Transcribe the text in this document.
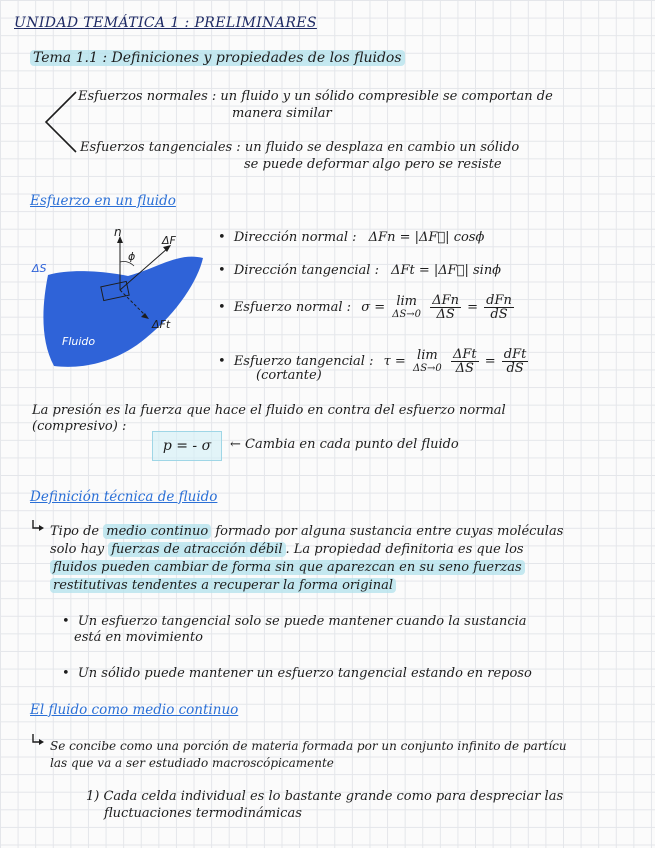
UNIDAD TEMÁTICA 1 : PRELIMINARES
Tema 1.1 : Definiciones y propiedades de los fluidos
Esfuerzos normales : un fluido y un sólido compresible se comportan de
manera similar
Esfuerzos tangenciales : un fluido se desplaza en cambio un sólido
se puede deformar algo pero se resiste
Esfuerzo en un fluido
n
ϕ
ΔF
ΔS
ΔFt
Fluido
• Dirección normal : ΔFn = |ΔF⃗| cosϕ
• Dirección tangencial : ΔFt = |ΔF⃗| sinϕ
• Esfuerzo normal : σ = lim
ΔS→0
$\frac{\text{ΔFn}}{\Delta S} = \frac{\text{dFn}}{dS}$
• Esfuerzo tangencial : τ = lim
ΔS→0
$\frac{\text{ΔFt}}{\Delta S} = \frac{\text{dFt}}{dS}$
(cortante)
La presión es la fuerza que hace el fluido en contra del esfuerzo normal
(compresivo) :
p = - σ	← Cambia en cada punto del fluido
Definición técnica de fluido
Tipo de medio continuo formado por alguna sustancia entre cuyas moléculas
solo hay fuerzas de atracción débil . La propiedad definitoria es que los
fluidos pueden cambiar de forma sin que aparezcan en su seno fuerzas
restitutivas tendentes a recuperar la forma original
• Un esfuerzo tangencial solo se puede mantener cuando la sustancia
está en movimiento
• Un sólido puede mantener un esfuerzo tangencial estando en reposo
El fluido como medio continuo
Se concibe como una porción de materia formada por un conjunto infinito de partícu
las que va a ser estudiado macroscópicamente
1) Cada celda individual es lo bastante grande como para despreciar las
fluctuaciones termodinámicas
